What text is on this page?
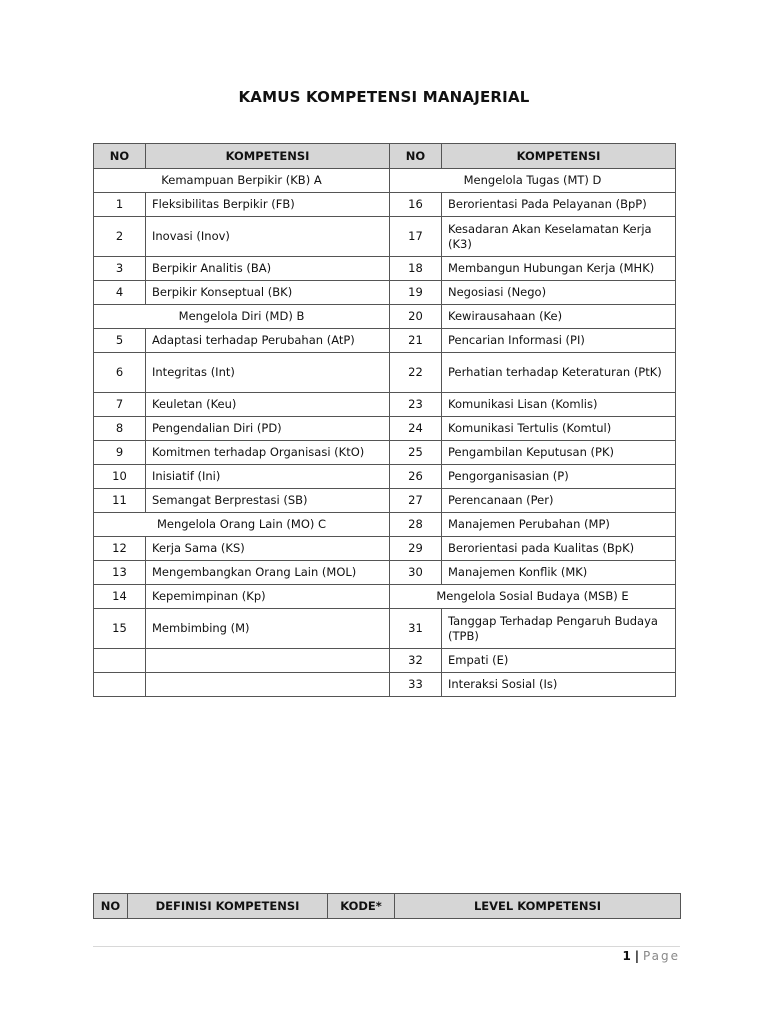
KAMUS KOMPETENSI MANAJERIAL
NO	KOMPETENSI	NO	KOMPETENSI
Kemampuan Berpikir (KB) A		Mengelola Tugas (MT) D	
1	Fleksibilitas Berpikir (FB)	16	Berorientasi Pada Pelayanan (BpP)
2	Inovasi (Inov)	17	Kesadaran Akan Keselamatan Kerja (K3)
3	Berpikir Analitis (BA)	18	Membangun Hubungan Kerja (MHK)
4	Berpikir Konseptual (BK)	19	Negosiasi (Nego)
Mengelola Diri (MD) B		20	Kewirausahaan (Ke)
5	Adaptasi terhadap Perubahan (AtP)	21	Pencarian Informasi (PI)
6	Integritas (Int)	22	Perhatian terhadap Keteraturan (PtK)
7	Keuletan (Keu)	23	Komunikasi Lisan (Komlis)
8	Pengendalian Diri (PD)	24	Komunikasi Tertulis (Komtul)
9	Komitmen terhadap Organisasi (KtO)	25	Pengambilan Keputusan (PK)
10	Inisiatif (Ini)	26	Pengorganisasian (P)
11	Semangat Berprestasi (SB)	27	Perencanaan (Per)
Mengelola Orang Lain (MO) C		28	Manajemen Perubahan (MP)
12	Kerja Sama (KS)	29	Berorientasi pada Kualitas (BpK)
13	Mengembangkan Orang Lain (MOL)	30	Manajemen Konflik (MK)
14	Kepemimpinan (Kp)	Mengelola Sosial Budaya (MSB) E	
15	Membimbing (M)	31	Tanggap Terhadap Pengaruh Budaya (TPB)
		32	Empati (E)
		33	Interaksi Sosial (Is)
NO	DEFINISI KOMPETENSI	KODE*	LEVEL KOMPETENSI
1 | Page
